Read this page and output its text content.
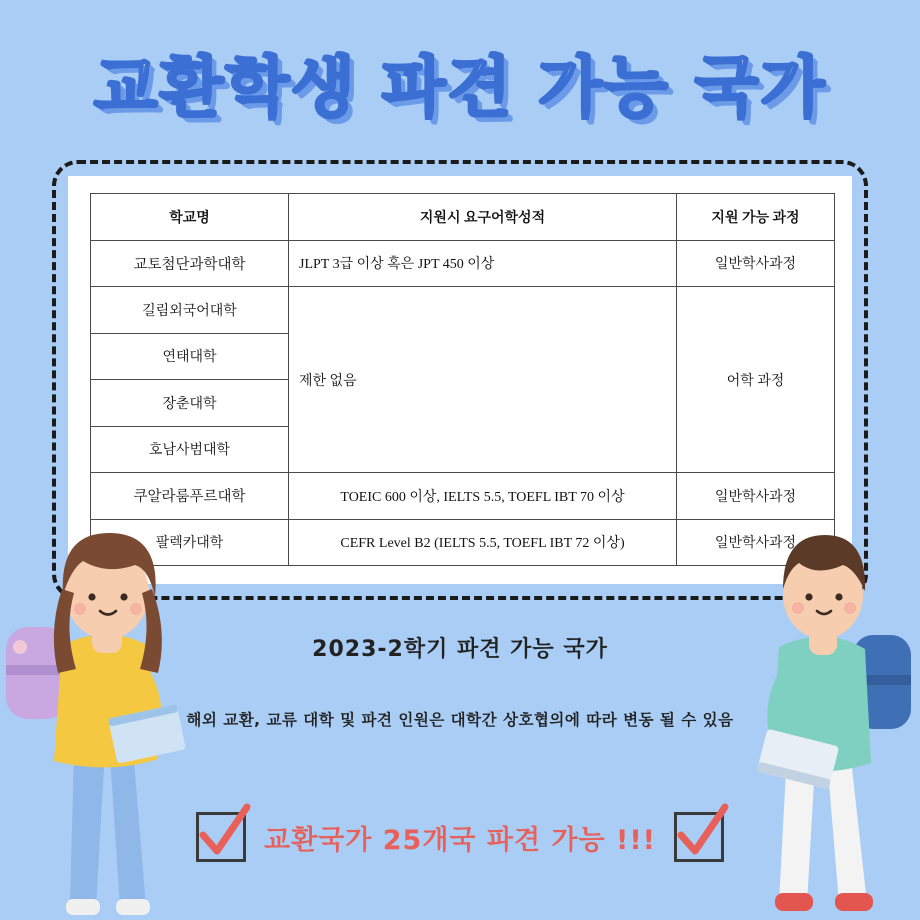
교환학생 파견 가능 국가
학교명	지원시 요구어학성적	지원 가능 과정
교토첨단과학대학	JLPT 3급 이상 혹은 JPT 450 이상	일반학사과정
길림외국어대학	제한 없음	어학 과정
연태대학		
장춘대학		
호남사범대학		
쿠알라룸푸르대학	TOEIC 600 이상, IELTS 5.5, TOEFL IBT 70 이상	일반학사과정
팔렉카대학	CEFR Level B2 (IELTS 5.5, TOEFL IBT 72 이상)	일반학사과정
2023-2학기 파견 가능 국가
해외 교환, 교류 대학 및 파견 인원은 대학간 상호협의에 따라 변동 될 수 있음
교환국가 25개국 파견 가능 !!!
